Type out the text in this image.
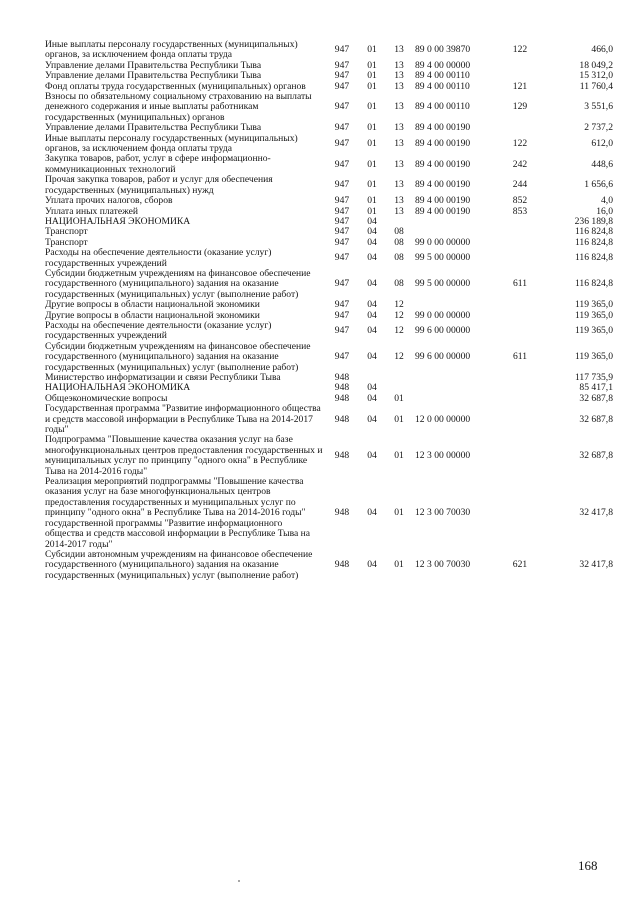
Иные выплаты персоналу государственных (муниципальных) органов, за исключением фонда оплаты труда	947	01	13	89 0 00 39870	122	466,0
Управление делами Правительства Республики Тыва	947	01	13	89 4 00 00000		18 049,2
Управление делами Правительства Республики Тыва	947	01	13	89 4 00 00110		15 312,0
Фонд оплаты труда государственных (муниципальных) органов	947	01	13	89 4 00 00110	121	11 760,4
Взносы по обязательному социальному страхованию на выплаты денежного содержания и иные выплаты работникам государственных (муниципальных) органов	947	01	13	89 4 00 00110	129	3 551,6
Управление делами Правительства Республики Тыва	947	01	13	89 4 00 00190		2 737,2
Иные выплаты персоналу государственных (муниципальных) органов, за исключением фонда оплаты труда	947	01	13	89 4 00 00190	122	612,0
Закупка товаров, работ, услуг в сфере информационно-коммуникационных технологий	947	01	13	89 4 00 00190	242	448,6
Прочая закупка товаров, работ и услуг для обеспечения государственных (муниципальных) нужд	947	01	13	89 4 00 00190	244	1 656,6
Уплата прочих налогов, сборов	947	01	13	89 4 00 00190	852	4,0
Уплата иных платежей	947	01	13	89 4 00 00190	853	16,0
НАЦИОНАЛЬНАЯ ЭКОНОМИКА	947	04				236 189,8
Транспорт	947	04	08			116 824,8
Транспорт	947	04	08	99 0 00 00000		116 824,8
Расходы на обеспечение деятельности (оказание услуг) государственных учреждений	947	04	08	99 5 00 00000		116 824,8
Субсидии бюджетным учреждениям на финансовое обеспечение государственного (муниципального) задания на оказание государственных (муниципальных) услуг (выполнение работ)	947	04	08	99 5 00 00000	611	116 824,8
Другие вопросы в области национальной экономики	947	04	12			119 365,0
Другие вопросы в области национальной экономики	947	04	12	99 0 00 00000		119 365,0
Расходы на обеспечение деятельности (оказание услуг) государственных учреждений	947	04	12	99 6 00 00000		119 365,0
Субсидии бюджетным учреждениям на финансовое обеспечение государственного (муниципального) задания на оказание государственных (муниципальных) услуг (выполнение работ)	947	04	12	99 6 00 00000	611	119 365,0
Министерство информатизации и связи Республики Тыва	948					117 735,9
НАЦИОНАЛЬНАЯ ЭКОНОМИКА	948	04				85 417,1
Общеэкономические вопросы	948	04	01			32 687,8
Государственная программа "Развитие информационного общества и средств массовой информации в Республике Тыва на 2014-2017 годы"	948	04	01	12 0 00 00000		32 687,8
Подпрограмма "Повышение качества оказания услуг на базе многофункциональных центров предоставления государственных и муниципальных услуг по принципу "одного окна" в Республике Тыва на 2014-2016 годы"	948	04	01	12 3 00 00000		32 687,8
Реализация мероприятий подпрограммы "Повышение качества оказания услуг на базе многофункциональных центров предоставления государственных и муниципальных услуг по принципу "одного окна" в Республике Тыва на 2014-2016 годы" государственной программы "Развитие информационного общества и средств массовой информации в Республике Тыва на 2014-2017 годы"	948	04	01	12 3 00 70030		32 417,8
Субсидии автономным учреждениям на финансовое обеспечение государственного (муниципального) задания на оказание государственных (муниципальных) услуг (выполнение работ)	948	04	01	12 3 00 70030	621	32 417,8
168
